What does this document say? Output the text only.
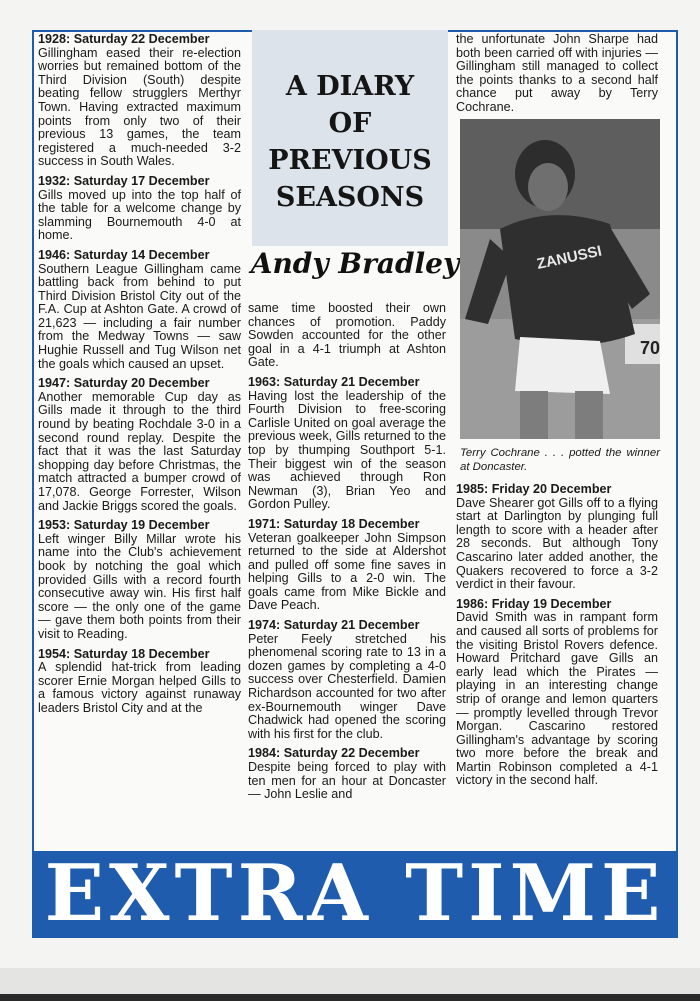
1928: Saturday 22 December
Gillingham eased their re-election worries but remained bottom of the Third Division (South) despite beating fellow strugglers Merthyr Town. Having extracted maximum points from only two of their previous 13 games, the team registered a much-needed 3-2 success in South Wales.

1932: Saturday 17 December
Gills moved up into the top half of the table for a welcome change by slamming Bournemouth 4-0 at home.

1946: Saturday 14 December
Southern League Gillingham came battling back from behind to put Third Division Bristol City out of the F.A. Cup at Ashton Gate. A crowd of 21,623 — including a fair number from the Medway Towns — saw Hughie Russell and Tug Wilson net the goals which caused an upset.

1947: Saturday 20 December
Another memorable Cup day as Gills made it through to the third round by beating Rochdale 3-0 in a second round replay. Despite the fact that it was the last Saturday shopping day before Christmas, the match attracted a bumper crowd of 17,078. George Forrester, Wilson and Jackie Briggs scored the goals.

1953: Saturday 19 December
Left winger Billy Millar wrote his name into the Club's achievement book by notching the goal which provided Gills with a record fourth consecutive away win. His first half score — the only one of the game — gave them both points from their visit to Reading.

1954: Saturday 18 December
A splendid hat-trick from leading scorer Ernie Morgan helped Gills to a famous victory against runaway leaders Bristol City and at the

A DIARY
OF
PREVIOUS
SEASONS
Andy Bradley

same time boosted their own chances of promotion. Paddy Sowden accounted for the other goal in a 4-1 triumph at Ashton Gate.

1963: Saturday 21 December
Having lost the leadership of the Fourth Division to free-scoring Carlisle United on goal average the previous week, Gills returned to the top by thumping Southport 5-1. Their biggest win of the season was achieved through Ron Newman (3), Brian Yeo and Gordon Pulley.

1971: Saturday 18 December
Veteran goalkeeper John Simpson returned to the side at Aldershot and pulled off some fine saves in helping Gills to a 2-0 win. The goals came from Mike Bickle and Dave Peach.

1974: Saturday 21 December
Peter Feely stretched his phenomenal scoring rate to 13 in a dozen games by completing a 4-0 success over Chesterfield. Damien Richardson accounted for two after ex-Bournemouth winger Dave Chadwick had opened the scoring with his first for the club.

1984: Saturday 22 December
Despite being forced to play with ten men for an hour at Doncaster — John Leslie and

the unfortunate John Sharpe had both been carried off with injuries — Gillingham still managed to collect the points thanks to a second half chance put away by Terry Cochrane.

70
ZANUSSI
Terry Cochrane . . . potted the winner at Doncaster.

1985: Friday 20 December
Dave Shearer got Gills off to a flying start at Darlington by plunging full length to score with a header after 28 seconds. But although Tony Cascarino later added another, the Quakers recovered to force a 3-2 verdict in their favour.

1986: Friday 19 December
David Smith was in rampant form and caused all sorts of problems for the visiting Bristol Rovers defence. Howard Pritchard gave Gills an early lead which the Pirates — playing in an interesting change strip of orange and lemon quarters — promptly levelled through Trevor Morgan. Cascarino restored Gillingham's advantage by scoring two more before the break and Martin Robinson completed a 4-1 victory in the second half.

EXTRA TIME
